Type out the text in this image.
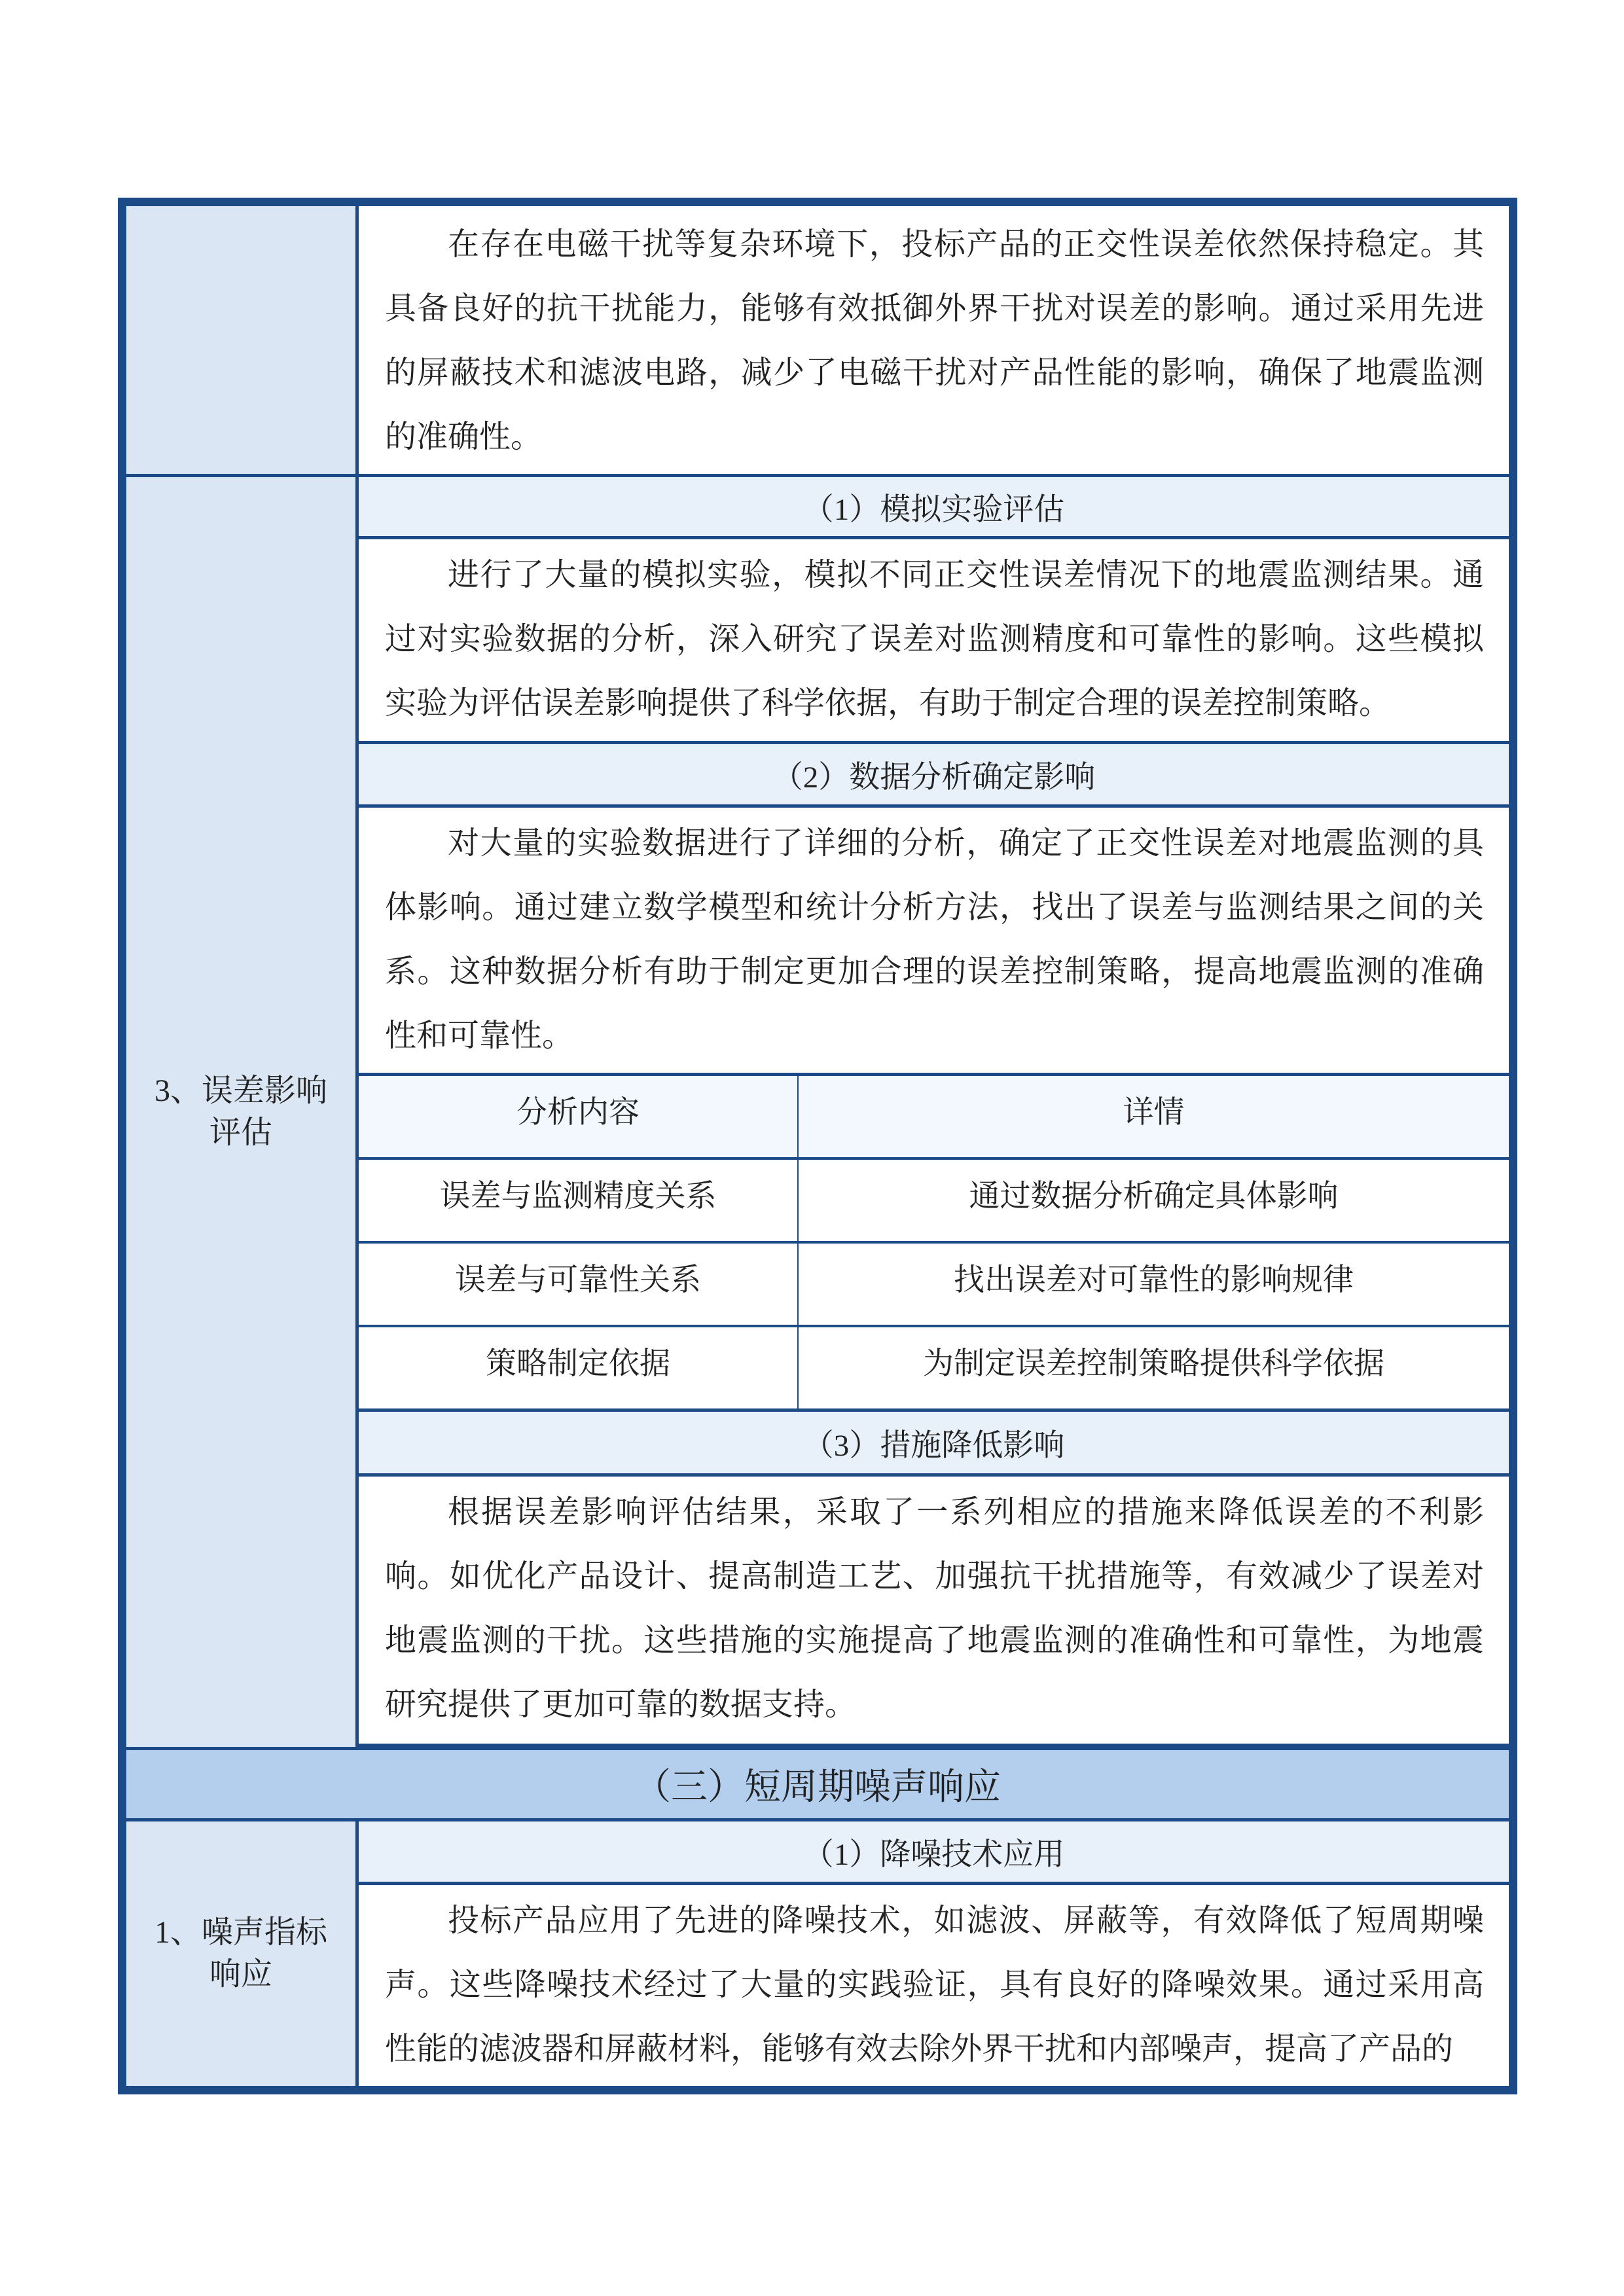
	在存在电磁干扰等复杂环境下，投标产品的正交性误差依然保持稳定。其具备良好的抗干扰能力，能够有效抵御外界干扰对误差的影响。通过采用先进的屏蔽技术和滤波电路，减少了电磁干扰对产品性能的影响，确保了地震监测的准确性。
3、误差影响评估	（1）模拟实验评估
进行了大量的模拟实验，模拟不同正交性误差情况下的地震监测结果。通过对实验数据的分析，深入研究了误差对监测精度和可靠性的影响。这些模拟实验为评估误差影响提供了科学依据，有助于制定合理的误差控制策略。
（2）数据分析确定影响
对大量的实验数据进行了详细的分析，确定了正交性误差对地震监测的具体影响。通过建立数学模型和统计分析方法，找出了误差与监测结果之间的关系。这种数据分析有助于制定更加合理的误差控制策略，提高地震监测的准确性和可靠性。

分析内容	详情
误差与监测精度关系	通过数据分析确定具体影响
误差与可靠性关系	找出误差对可靠性的影响规律
策略制定依据	为制定误差控制策略提供科学依据

（3）措施降低影响
根据误差影响评估结果，采取了一系列相应的措施来降低误差的不利影响。如优化产品设计、提高制造工艺、加强抗干扰措施等，有效减少了误差对地震监测的干扰。这些措施的实施提高了地震监测的准确性和可靠性，为地震研究提供了更加可靠的数据支持。

（三）短周期噪声响应
1、噪声指标响应	（1）降噪技术应用
投标产品应用了先进的降噪技术，如滤波、屏蔽等，有效降低了短周期噪声。这些降噪技术经过了大量的实践验证，具有良好的降噪效果。通过采用高性能的滤波器和屏蔽材料，能够有效去除外界干扰和内部噪声，提高了产品的
